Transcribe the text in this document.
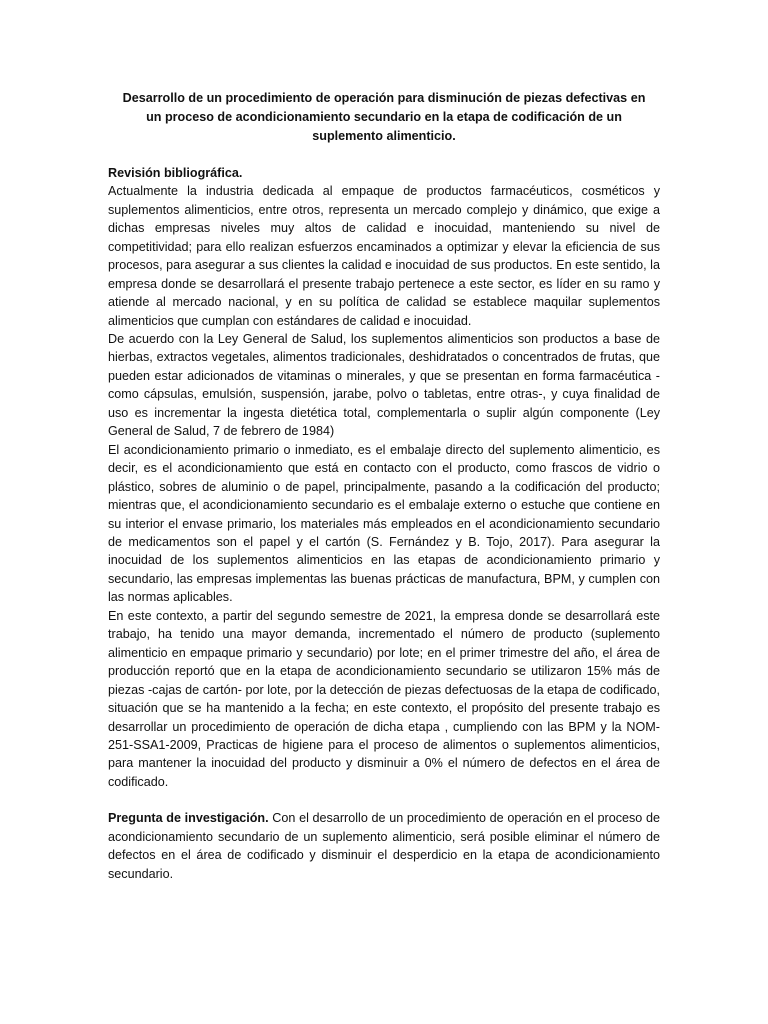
Desarrollo de un procedimiento de operación para disminución de piezas defectivas en un proceso de acondicionamiento secundario en la etapa de codificación de un suplemento alimenticio.
Revisión bibliográfica.

Actualmente la industria dedicada al empaque de productos farmacéuticos, cosméticos y suplementos alimenticios, entre otros, representa un mercado complejo y dinámico, que exige a dichas empresas niveles muy altos de calidad e inocuidad, manteniendo su nivel de competitividad; para ello realizan esfuerzos encaminados a optimizar y elevar la eficiencia de sus procesos, para asegurar a sus clientes la calidad e inocuidad de sus productos. En este sentido, la empresa donde se desarrollará el presente trabajo pertenece a este sector, es líder en su ramo y atiende al mercado nacional, y en su política de calidad se establece maquilar suplementos alimenticios que cumplan con estándares de calidad e inocuidad.

De acuerdo con la Ley General de Salud, los suplementos alimenticios son productos a base de hierbas, extractos vegetales, alimentos tradicionales, deshidratados o concentrados de frutas, que pueden estar adicionados de vitaminas o minerales, y que se presentan en forma farmacéutica - como cápsulas, emulsión, suspensión, jarabe, polvo o tabletas, entre otras-, y cuya finalidad de uso es incrementar la ingesta dietética total, complementarla o suplir algún componente (Ley General de Salud, 7 de febrero de 1984)

El acondicionamiento primario o inmediato, es el embalaje directo del suplemento alimenticio, es decir, es el acondicionamiento que está en contacto con el producto, como frascos de vidrio o plástico, sobres de aluminio o de papel, principalmente, pasando a la codificación del producto; mientras que, el acondicionamiento secundario es el embalaje externo o estuche que contiene en su interior el envase primario, los materiales más empleados en el acondicionamiento secundario de medicamentos son el papel y el cartón (S. Fernández y B. Tojo, 2017). Para asegurar la inocuidad de los suplementos alimenticios en las etapas de acondicionamiento primario y secundario, las empresas implementas las buenas prácticas de manufactura, BPM, y cumplen con las normas aplicables.

En este contexto, a partir del segundo semestre de 2021, la empresa donde se desarrollará este trabajo, ha tenido una mayor demanda, incrementado el número de producto (suplemento alimenticio en empaque primario y secundario) por lote; en el primer trimestre del año, el área de producción reportó que en la etapa de acondicionamiento secundario se utilizaron 15% más de piezas -cajas de cartón- por lote, por la detección de piezas defectuosas de la etapa de codificado, situación que se ha mantenido a la fecha; en este contexto, el propósito del presente trabajo es desarrollar un procedimiento de operación de dicha etapa , cumpliendo con las BPM y la NOM-251-SSA1-2009, Practicas de higiene para el proceso de alimentos o suplementos alimenticios, para mantener la inocuidad del producto y disminuir a 0% el número de defectos en el área de codificado.

Pregunta de investigación. Con el desarrollo de un procedimiento de operación en el proceso de acondicionamiento secundario de un suplemento alimenticio, será posible eliminar el número de defectos en el área de codificado y disminuir el desperdicio en la etapa de acondicionamiento secundario.
